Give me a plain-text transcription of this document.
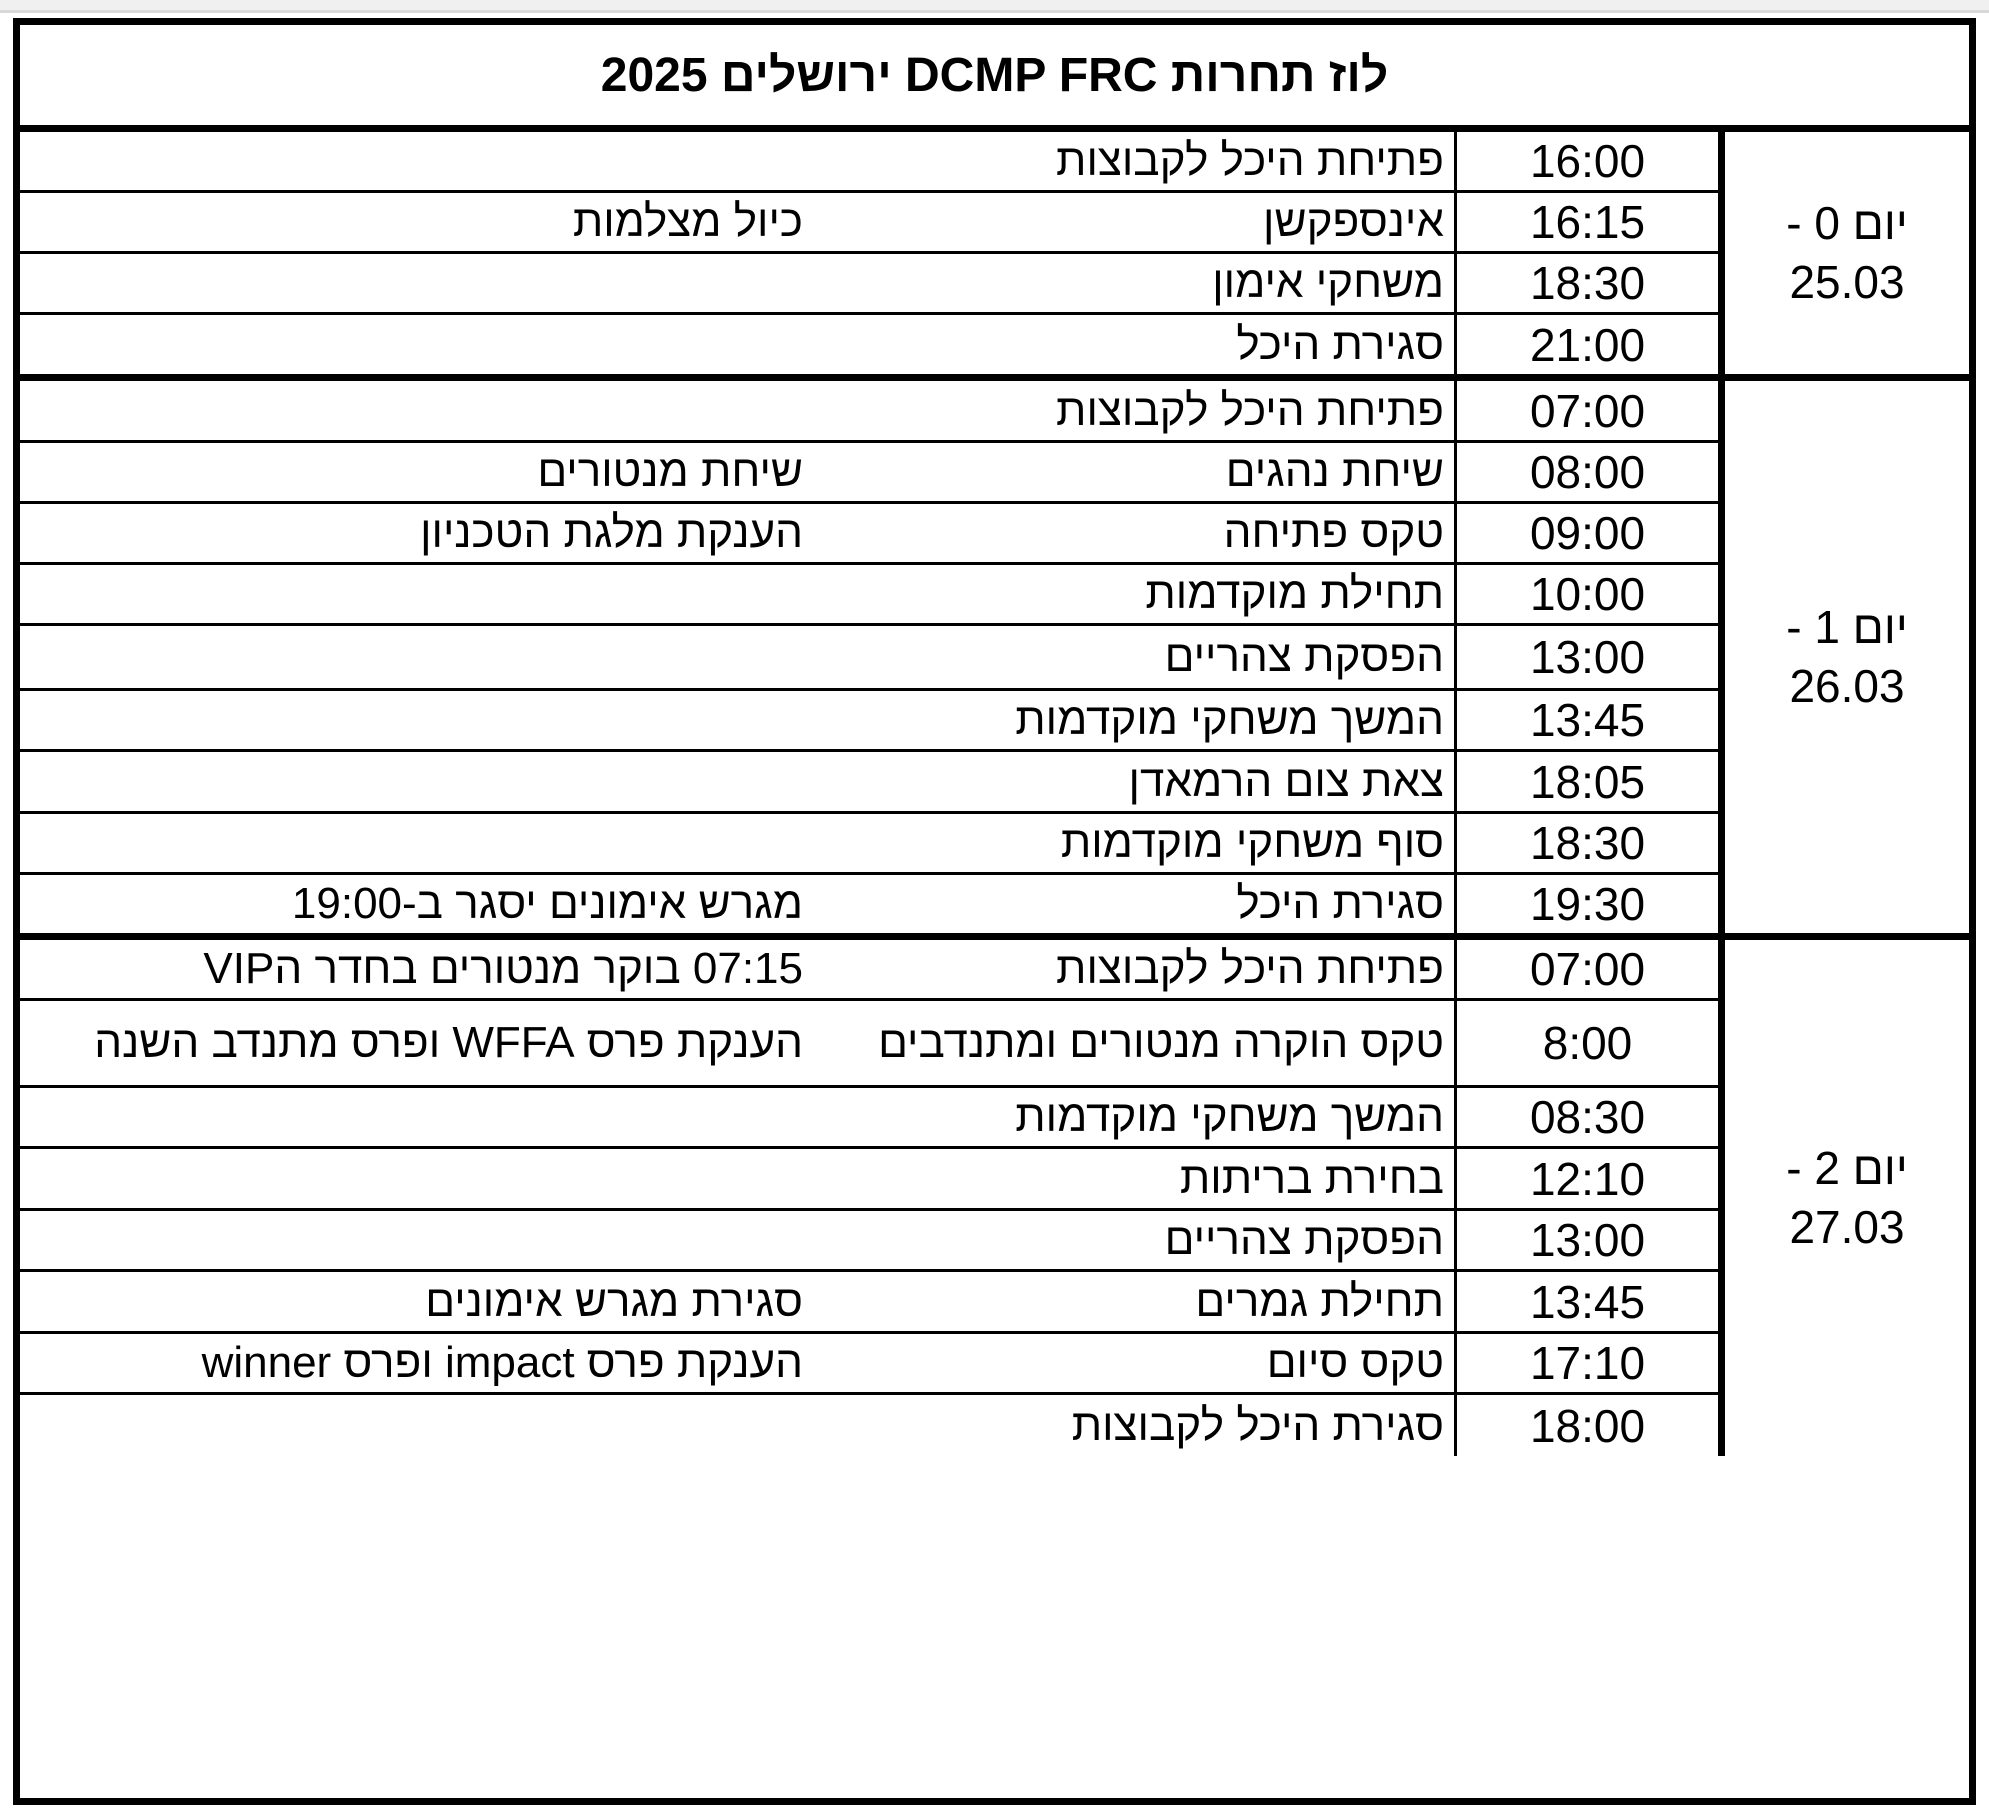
לוז תחרות DCMP FRC ירושלים 2025
יום 0 -
25.03
16:00
פתיחת היכל לקבוצות
16:15
אינספקשן
כיול מצלמות
18:30
משחקי אימון
21:00
סגירת היכל
יום 1 -
26.03
07:00
פתיחת היכל לקבוצות
08:00
שיחת נהגים
שיחת מנטורים
09:00
טקס פתיחה
הענקת מלגת הטכניון
10:00
תחילת מוקדמות
13:00
הפסקת צהריים
13:45
המשך משחקי מוקדמות
18:05
צאת צום הרמאדן
18:30
סוף משחקי מוקדמות
19:30
סגירת היכל
מגרש אימונים יסגר ב-19:00
יום 2 -
27.03
07:00
פתיחת היכל לקבוצות
07:15 בוקר מנטורים בחדר הVIP
8:00
טקס הוקרה מנטורים ומתנדבים
הענקת פרס WFFA ופרס מתנדב השנה
08:30
המשך משחקי מוקדמות
12:10
בחירת בריתות
13:00
הפסקת צהריים
13:45
תחילת גמרים
סגירת מגרש אימונים
17:10
טקס סיום
הענקת פרס impact ופרס winner
18:00
סגירת היכל לקבוצות
